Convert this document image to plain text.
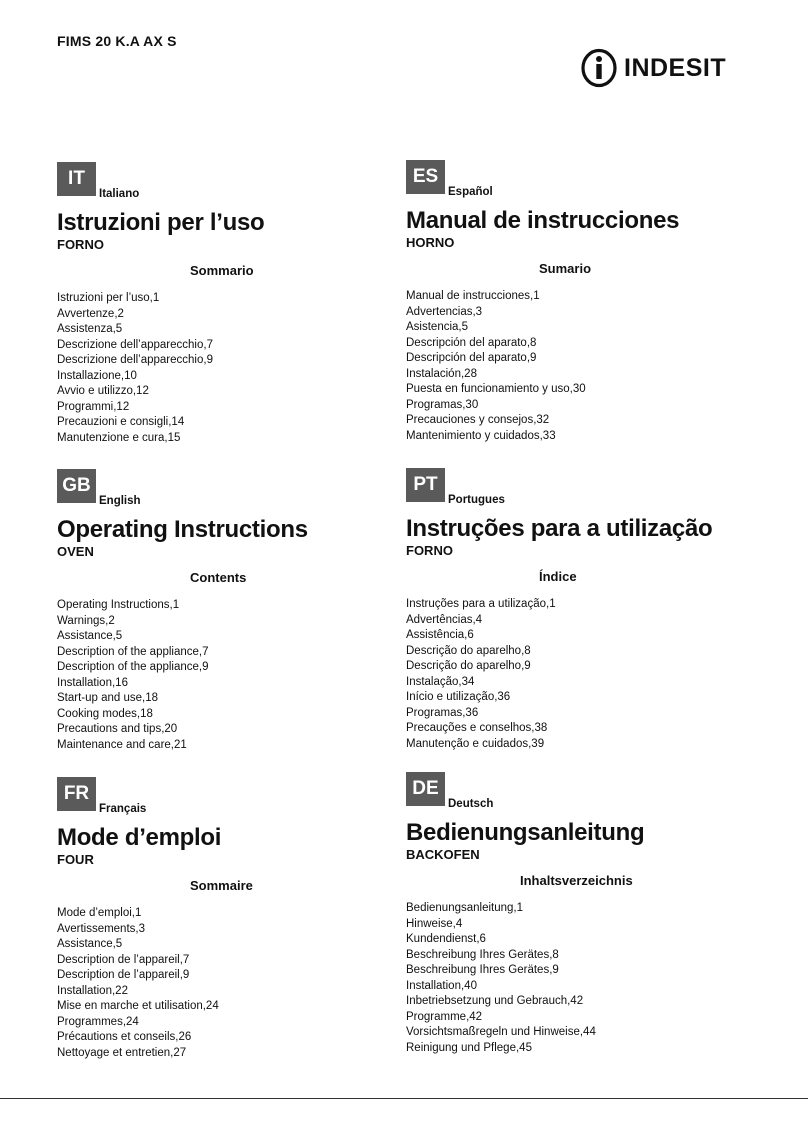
FIMS 20 K.A AX S
INDESIT
IT
Italiano
Istruzioni per l’uso
FORNO
Sommario
Istruzioni per l’uso,1
Avvertenze,2
Assistenza,5
Descrizione dell’apparecchio,7
Descrizione dell’apparecchio,9
Installazione,10
Avvio e utilizzo,12
Programmi,12
Precauzioni e consigli,14
Manutenzione e cura,15
ES
Español
Manual de instrucciones
HORNO
Sumario
Manual de instrucciones,1
Advertencias,3
Asistencia,5
Descripción del aparato,8
Descripción del aparato,9
Instalación,28
Puesta en funcionamiento y uso,30
Programas,30
Precauciones y consejos,32
Mantenimiento y cuidados,33
GB
English
Operating Instructions
OVEN
Contents
Operating Instructions,1
Warnings,2
Assistance,5
Description of the appliance,7
Description of the appliance,9
Installation,16
Start-up and use,18
Cooking modes,18
Precautions and tips,20
Maintenance and care,21
PT
Portugues
Instruções para a utilização
FORNO
Índice
Instruções para a utilização,1
Advertências,4
Assistência,6
Descrição do aparelho,8
Descrição do aparelho,9
Instalação,34
Início e utilização,36
Programas,36
Precauções e conselhos,38
Manutenção e cuidados,39
FR
Français
Mode d’emploi
FOUR
Sommaire
Mode d’emploi,1
Avertissements,3
Assistance,5
Description de l’appareil,7
Description de l’appareil,9
Installation,22
Mise en marche et utilisation,24
Programmes,24
Précautions et conseils,26
Nettoyage et entretien,27
DE
Deutsch
Bedienungsanleitung
BACKOFEN
Inhaltsverzeichnis
Bedienungsanleitung,1
Hinweise,4
Kundendienst,6
Beschreibung Ihres Gerätes,8
Beschreibung Ihres Gerätes,9
Installation,40
Inbetriebsetzung und Gebrauch,42
Programme,42
Vorsichtsmaßregeln und Hinweise,44
Reinigung und Pflege,45
